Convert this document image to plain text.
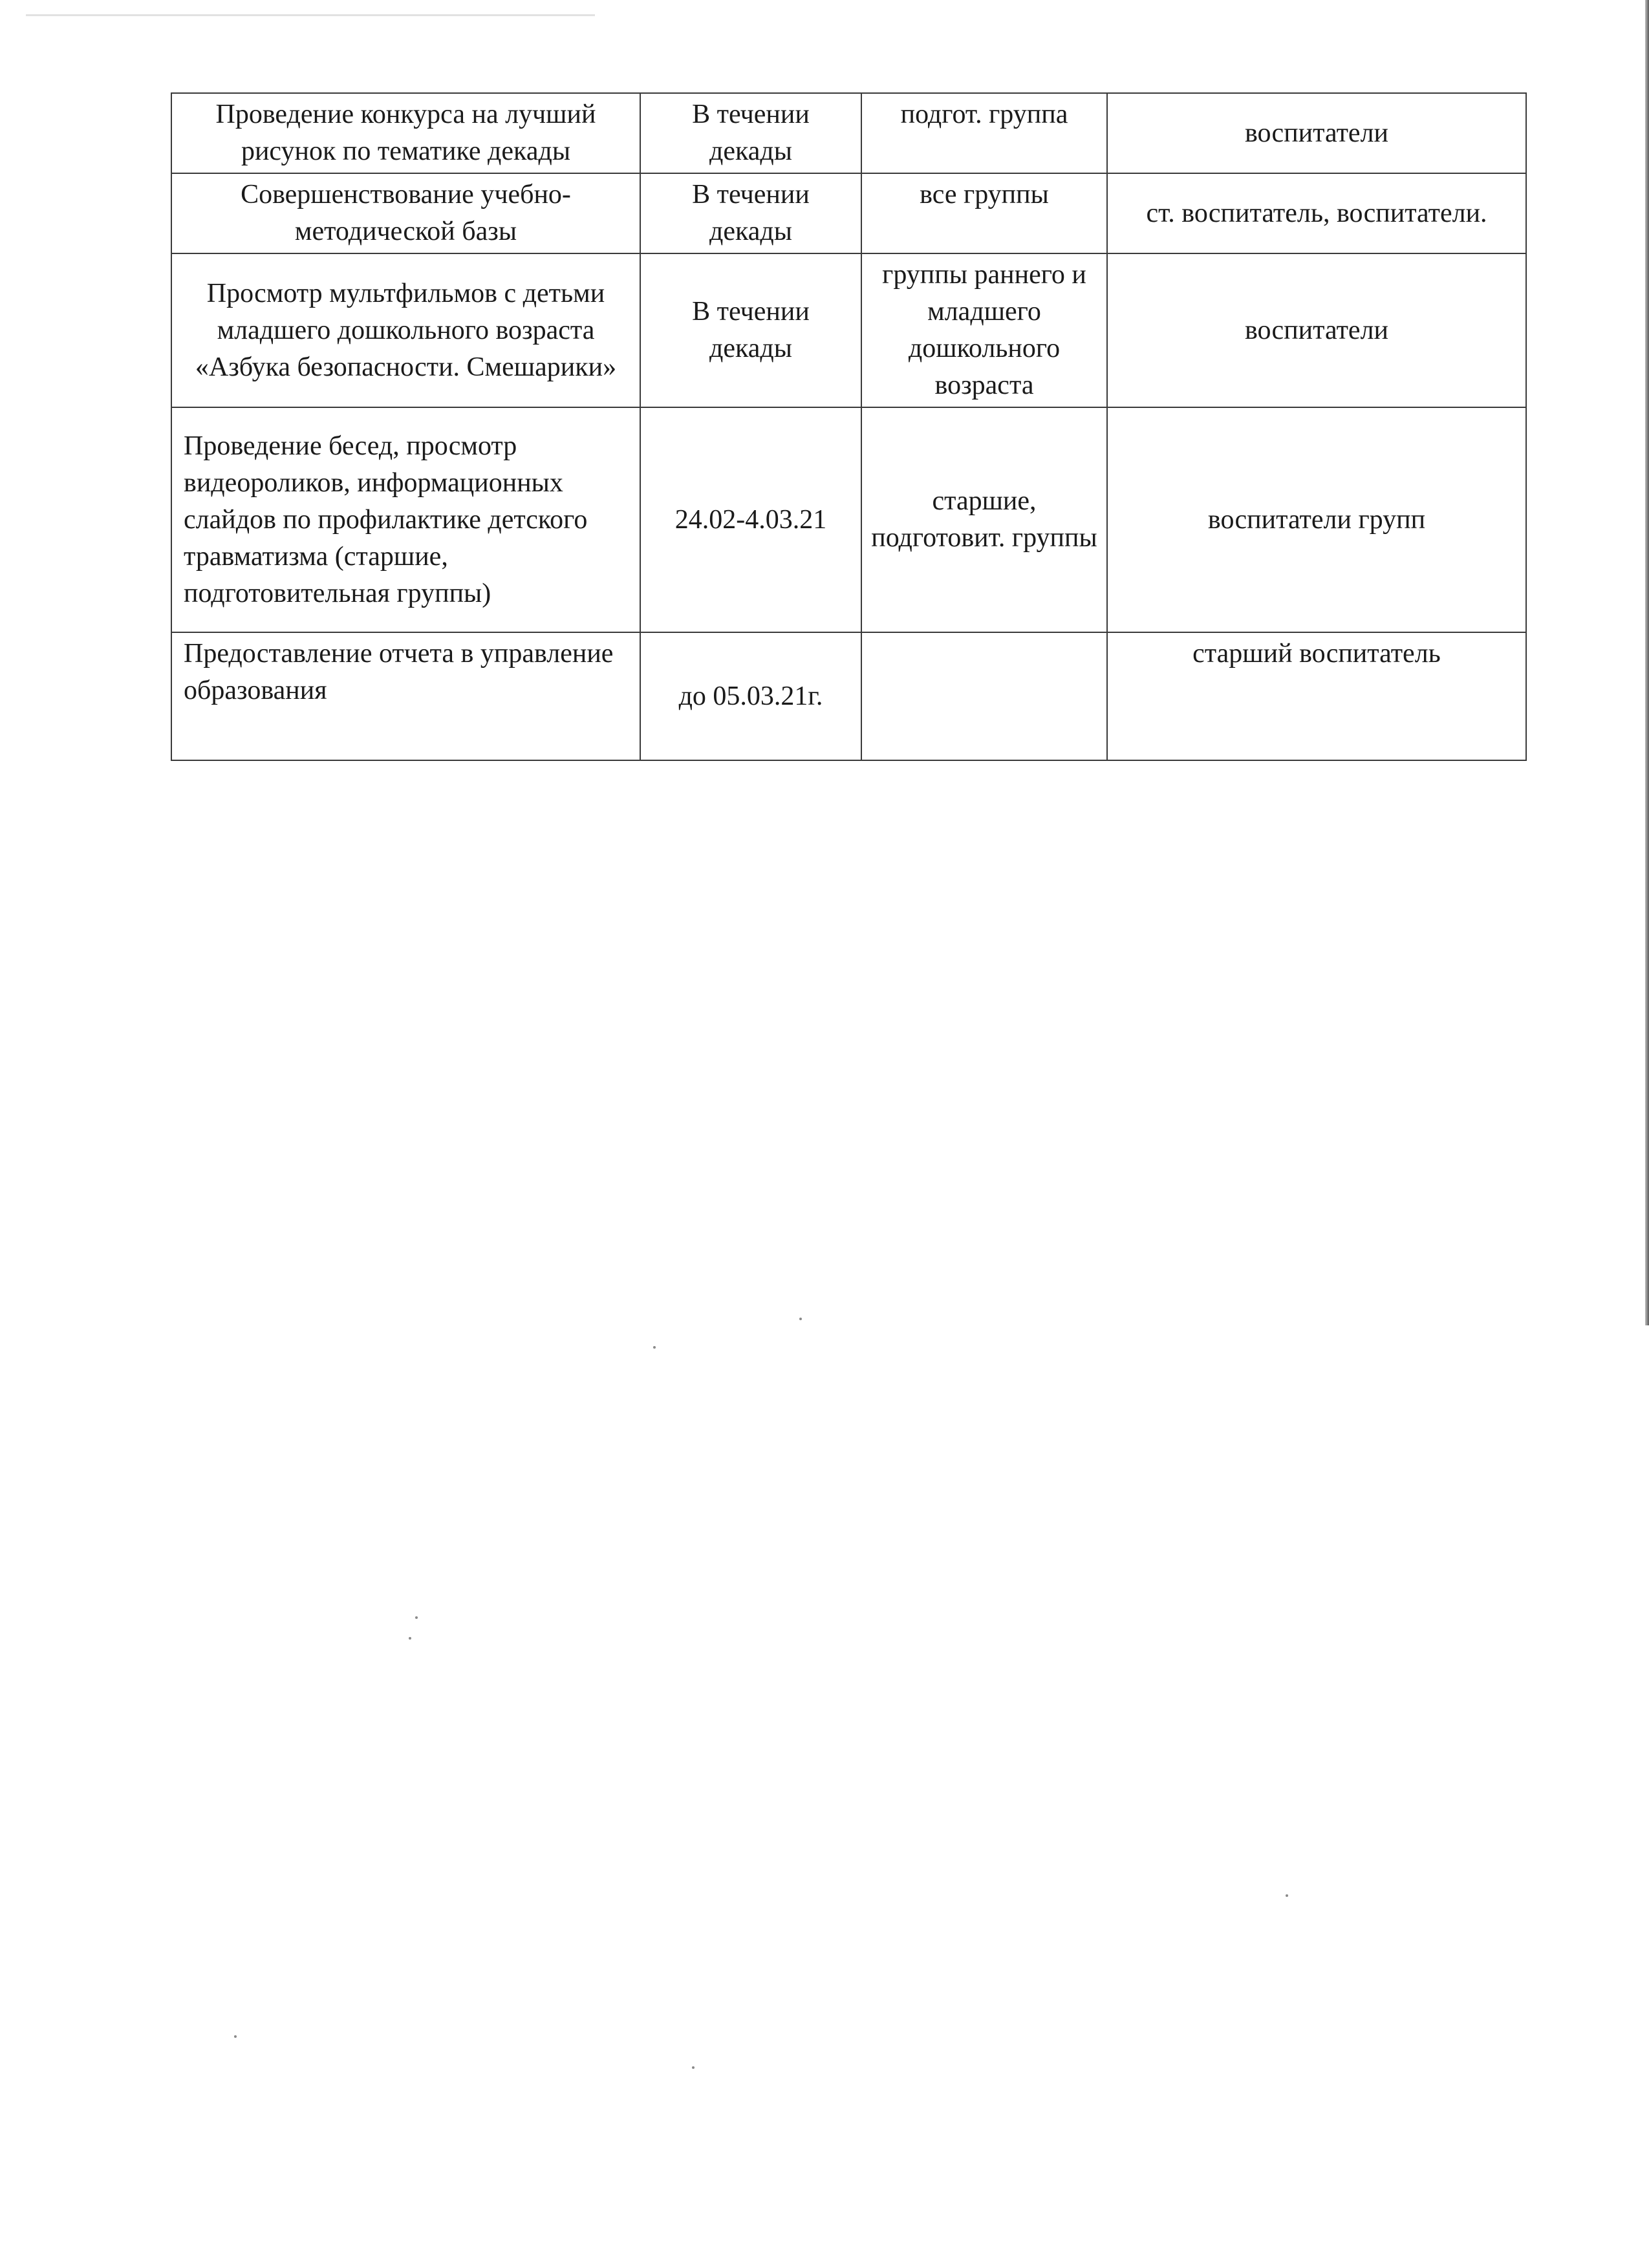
Проведение конкурса на лучший рисунок по тематике декады	В течении декады	подгот. группа	воспитатели
Совершенствование учебно-методической базы	В течении декады	все группы	ст. воспитатель, воспитатели.
Просмотр мультфильмов с детьми младшего дошкольного возраста «Азбука безопасности. Смешарики»	В течении декады	группы раннего и младшего дошкольного возраста	воспитатели
Проведение бесед, просмотр видеороликов, информационных слайдов по профилактике детского травматизма (старшие, подготовительная группы)	24.02-4.03.21	старшие, подготовит. группы	воспитатели групп
Предоставление отчета в управление образования	до 05.03.21г.		старший воспитатель
